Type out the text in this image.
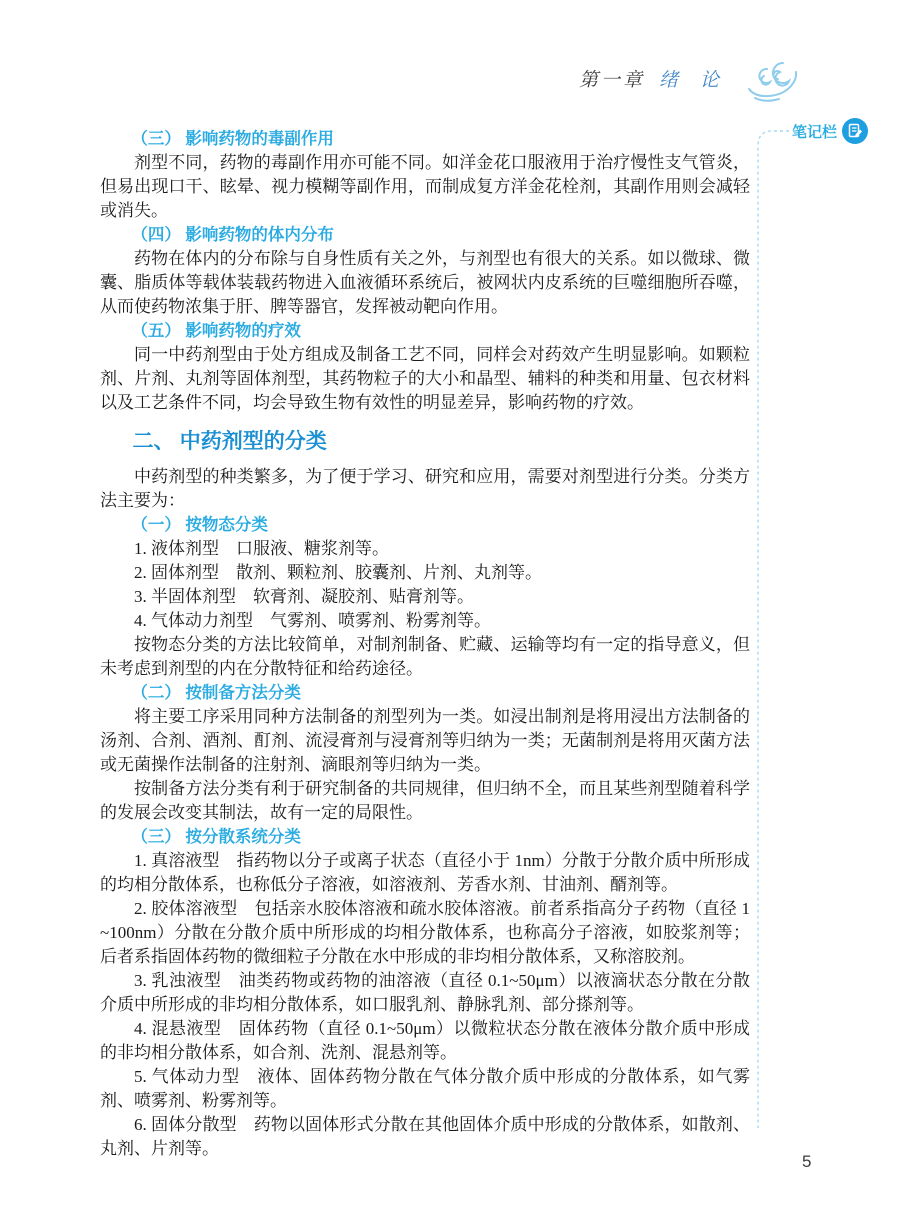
第一章 绪论
笔记栏
（三） 影响药物的毒副作用

剂型不同，药物的毒副作用亦可能不同。如洋金花口服液用于治疗慢性支气管炎，但易出现口干、眩晕、视力模糊等副作用，而制成复方洋金花栓剂，其副作用则会减轻或消失。

（四） 影响药物的体内分布

药物在体内的分布除与自身性质有关之外，与剂型也有很大的关系。如以微球、微囊、脂质体等载体装载药物进入血液循环系统后，被网状内皮系统的巨噬细胞所吞噬，从而使药物浓集于肝、脾等器官，发挥被动靶向作用。

（五） 影响药物的疗效

同一中药剂型由于处方组成及制备工艺不同，同样会对药效产生明显影响。如颗粒剂、片剂、丸剂等固体剂型，其药物粒子的大小和晶型、辅料的种类和用量、包衣材料以及工艺条件不同，均会导致生物有效性的明显差异，影响药物的疗效。

二、 中药剂型的分类

中药剂型的种类繁多，为了便于学习、研究和应用，需要对剂型进行分类。分类方法主要为：

（一） 按物态分类

1. 液体剂型　口服液、糖浆剂等。

2. 固体剂型　散剂、颗粒剂、胶囊剂、片剂、丸剂等。

3. 半固体剂型　软膏剂、凝胶剂、贴膏剂等。

4. 气体动力剂型　气雾剂、喷雾剂、粉雾剂等。

按物态分类的方法比较简单，对制剂制备、贮藏、运输等均有一定的指导意义，但未考虑到剂型的内在分散特征和给药途径。

（二） 按制备方法分类

将主要工序采用同种方法制备的剂型列为一类。如浸出制剂是将用浸出方法制备的汤剂、合剂、酒剂、酊剂、流浸膏剂与浸膏剂等归纳为一类；无菌制剂是将用灭菌方法或无菌操作法制备的注射剂、滴眼剂等归纳为一类。

按制备方法分类有利于研究制备的共同规律，但归纳不全，而且某些剂型随着科学的发展会改变其制法，故有一定的局限性。

（三） 按分散系统分类

1. 真溶液型　指药物以分子或离子状态（直径小于 1nm）分散于分散介质中所形成的均相分散体系，也称低分子溶液，如溶液剂、芳香水剂、甘油剂、醑剂等。

2. 胶体溶液型　包括亲水胶体溶液和疏水胶体溶液。前者系指高分子药物（直径 1~100nm）分散在分散介质中所形成的均相分散体系，也称高分子溶液，如胶浆剂等；后者系指固体药物的微细粒子分散在水中形成的非均相分散体系，又称溶胶剂。

3. 乳浊液型　油类药物或药物的油溶液（直径 0.1~50μm）以液滴状态分散在分散介质中所形成的非均相分散体系，如口服乳剂、静脉乳剂、部分搽剂等。

4. 混悬液型　固体药物（直径 0.1~50μm）以微粒状态分散在液体分散介质中形成的非均相分散体系，如合剂、洗剂、混悬剂等。

5. 气体动力型　液体、固体药物分散在气体分散介质中形成的分散体系，如气雾剂、喷雾剂、粉雾剂等。

6. 固体分散型　药物以固体形式分散在其他固体介质中形成的分散体系，如散剂、丸剂、片剂等。

5
